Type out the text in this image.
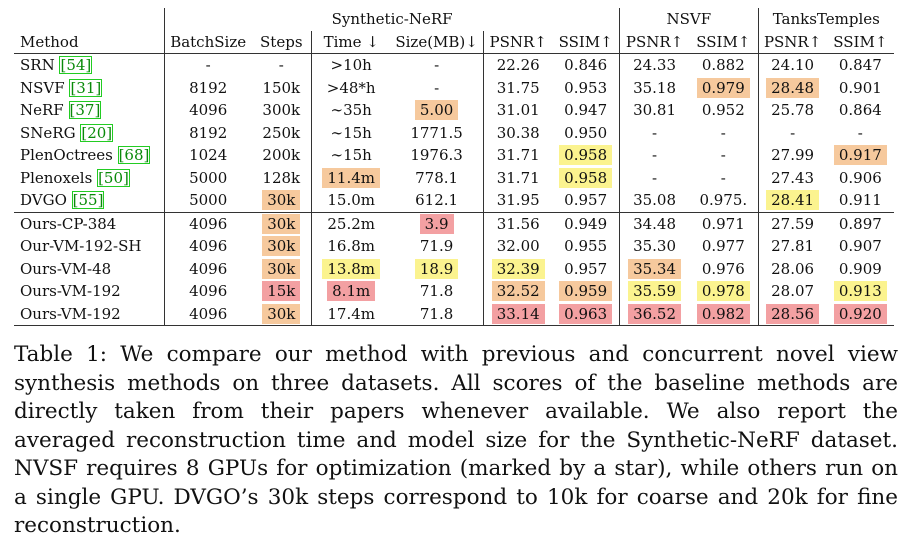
	Synthetic-NeRF						NSVF		TanksTemples	
Method	BatchSize	Steps	Time ↓	Size(MB)↓	PSNR↑	SSIM↑	PSNR↑	SSIM↑	PSNR↑	SSIM↑
SRN [54]	-	-	>10h	-	22.26	0.846	24.33	0.882	24.10	0.847
NSVF [31]	8192	150k	>48*h	-	31.75	0.953	35.18	0.979	28.48	0.901
NeRF [37]	4096	300k	∼35h	5.00	31.01	0.947	30.81	0.952	25.78	0.864
SNeRG [20]	8192	250k	∼15h	1771.5	30.38	0.950	-	-	-	-
PlenOctrees [68]	1024	200k	∼15h	1976.3	31.71	0.958	-	-	27.99	0.917
Plenoxels [50]	5000	128k	11.4m	778.1	31.71	0.958	-	-	27.43	0.906
DVGO [55]	5000	30k	15.0m	612.1	31.95	0.957	35.08	0.975.	28.41	0.911
Ours-CP-384	4096	30k	25.2m	3.9	31.56	0.949	34.48	0.971	27.59	0.897
Our-VM-192-SH	4096	30k	16.8m	71.9	32.00	0.955	35.30	0.977	27.81	0.907
Ours-VM-48	4096	30k	13.8m	18.9	32.39	0.957	35.34	0.976	28.06	0.909
Ours-VM-192	4096	15k	8.1m	71.8	32.52	0.959	35.59	0.978	28.07	0.913
Ours-VM-192	4096	30k	17.4m	71.8	33.14	0.963	36.52	0.982	28.56	0.920
Table 1: We compare our method with previous and concurrent novel view synthesis methods on three datasets. All scores of the baseline methods are directly taken from their papers whenever available. We also report the averaged reconstruction time and model size for the Synthetic-NeRF dataset. NVSF requires 8 GPUs for optimization (marked by a star), while others run on a single GPU. DVGO’s 30k steps correspond to 10k for coarse and 20k for fine reconstruction.
